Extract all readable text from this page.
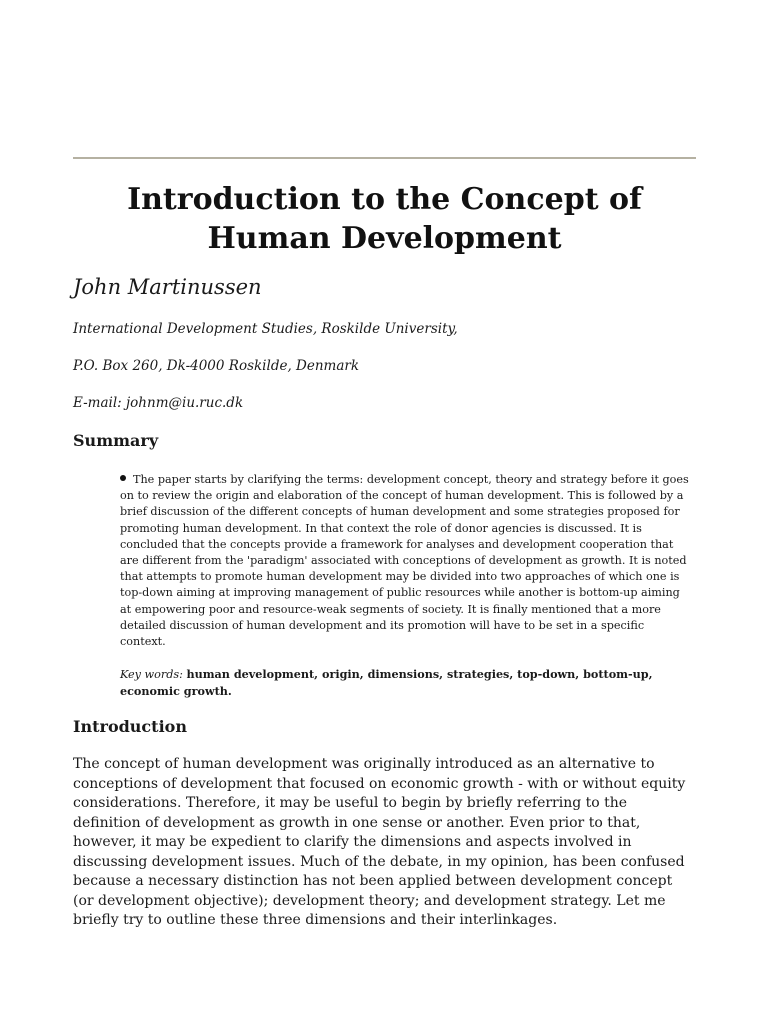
Introduction to the Concept of Human Development

John Martinussen

International Development Studies, Roskilde University,

P.O. Box 260, Dk-4000 Roskilde, Denmark

E-mail: johnm@iu.ruc.dk

Summary

The paper starts by clarifying the terms: development concept, theory and strategy before it goes on to review the origin and elaboration of the concept of human development. This is followed by a brief discussion of the different concepts of human development and some strategies proposed for promoting human development. In that context the role of donor agencies is discussed. It is concluded that the concepts provide a framework for analyses and development cooperation that are different from the 'paradigm' associated with conceptions of development as growth. It is noted that attempts to promote human development may be divided into two approaches of which one is top-down aiming at improving management of public resources while another is bottom-up aiming at empowering poor and resource-weak segments of society. It is finally mentioned that a more detailed discussion of human development and its promotion will have to be set in a specific context.

Key words: human development, origin, dimensions, strategies, top-down, bottom-up, economic growth.

Introduction

The concept of human development was originally introduced as an alternative to conceptions of development that focused on economic growth - with or without equity considerations. Therefore, it may be useful to begin by briefly referring to the definition of development as growth in one sense or another. Even prior to that, however, it may be expedient to clarify the dimensions and aspects involved in discussing development issues. Much of the debate, in my opinion, has been confused because a necessary distinction has not been applied between development concept (or development objective); development theory; and development strategy. Let me briefly try to outline these three dimensions and their interlinkages.
